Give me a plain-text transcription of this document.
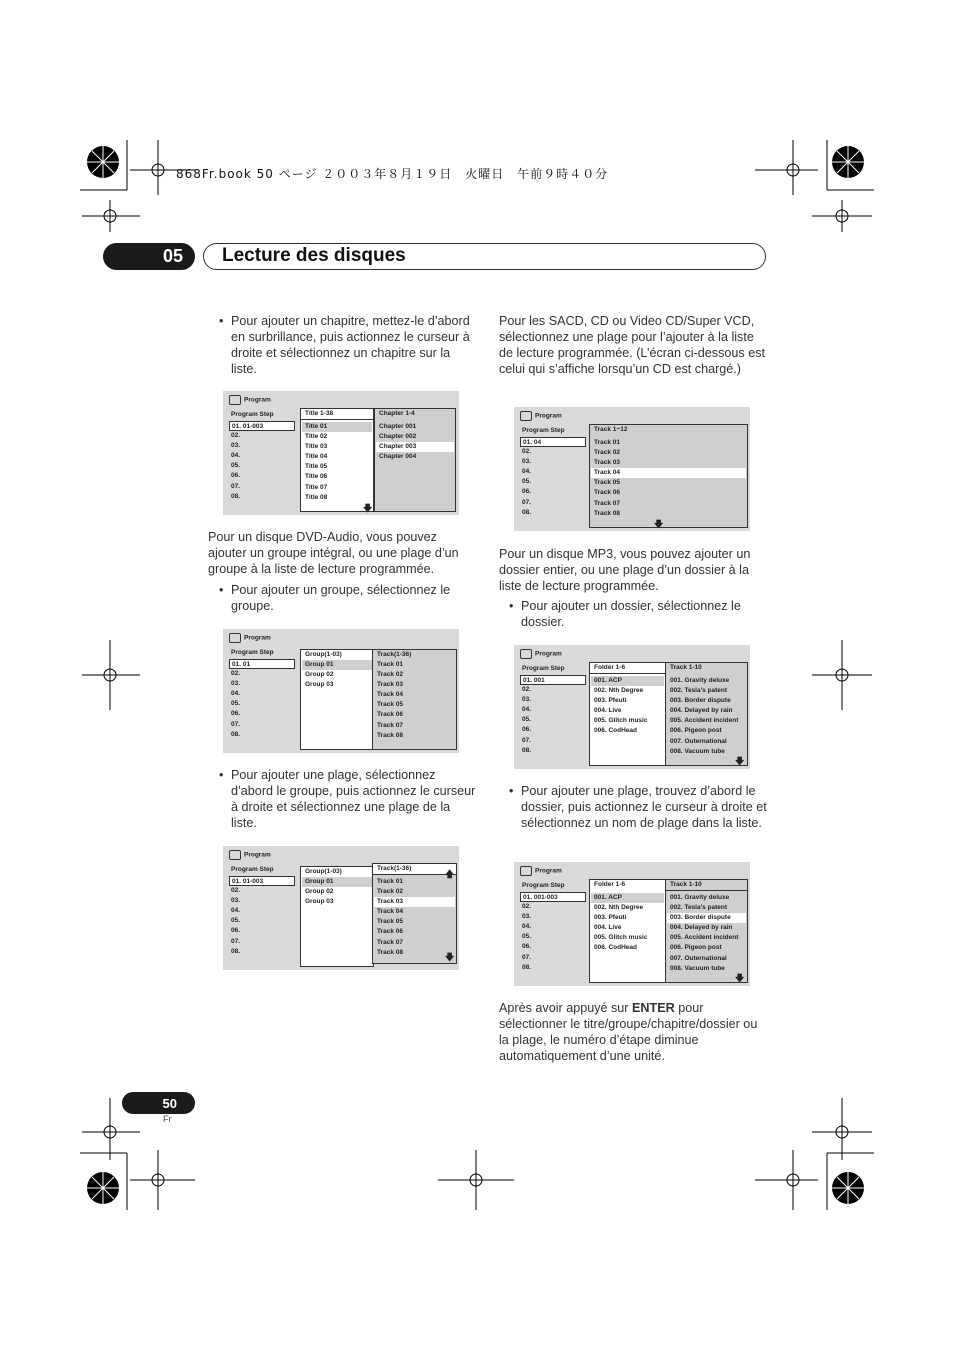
868Fr.book 50 ページ ２００３年８月１９日　火曜日　午前９時４０分
05	Lecture des disques
• Pour ajouter un chapitre, mettez-le d’abord en surbrillance, puis actionnez le curseur à droite et sélectionnez un chapitre sur la liste.
Program
Program Step
01. 01-003
02.
03.
04.
05.
06.
07.
08.
Title 1-38
Title 01
Title 02
Title 03
Title 04
Title 05
Title 06
Title 07
Title 08
Chapter 1-4
Chapter 001
Chapter 002
Chapter 003
Chapter 004
🡇
Pour un disque DVD-Audio, vous pouvez ajouter un groupe intégral, ou une plage d’un groupe à la liste de lecture programmée.
• Pour ajouter un groupe, sélectionnez le groupe.
Program
Program Step
01. 01
02.
03.
04.
05.
06.
07.
08.
Group(1-03)
Group 01
Group 02
Group 03
Track(1-36)
Track 01
Track 02
Track 03
Track 04
Track 05
Track 06
Track 07
Track 08
• Pour ajouter une plage, sélectionnez d’abord le groupe, puis actionnez le curseur à droite et sélectionnez une plage de la liste.
Program
Program Step
01. 01-003
02.
03.
04.
05.
06.
07.
08.
Group(1-03)
Group 01
Group 02
Group 03
Track(1-36)
Track 01
Track 02
Track 03
Track 04
Track 05
Track 06
Track 07
Track 08
🡅
🡇
Pour les SACD, CD ou Video CD/Super VCD, sélectionnez une plage pour l’ajouter à la liste de lecture programmée. (L’écran ci-dessous est celui qui s’affiche lorsqu’un CD est chargé.)
Program
Program Step
01. 04
02.
03.
04.
05.
06.
07.
08.
Track 1~12
Track 01
Track 02
Track 03
Track 04
Track 05
Track 06
Track 07
Track 08
🡇
Pour un disque MP3, vous pouvez ajouter un dossier entier, ou une plage d’un dossier à la liste de lecture programmée.
• Pour ajouter un dossier, sélectionnez le dossier.
Program
Program Step
01. 001
02.
03.
04.
05.
06.
07.
08.
Folder 1-6
001. ACP
002. Nth Degree
003. Pfeuti
004. Live
005. Glitch music
006. CodHead
Track 1-10
001. Gravity deluxe
002. Tesla's patent
003. Border dispute
004. Delayed by rain
005. Accident incident
006. Pigeon post
007. Outernational
008. Vacuum tube
🡇
• Pour ajouter une plage, trouvez d’abord le dossier, puis actionnez le curseur à droite et sélectionnez un nom de plage dans la liste.
Program
Program Step
01. 001-003
02.
03.
04.
05.
06.
07.
08.
Folder 1-6
001. ACP
002. Nth Degree
003. Pfeuti
004. Live
005. Glitch music
006. CodHead
Track 1-10
001. Gravity deluxe
002. Tesla's patent
003. Border dispute
004. Delayed by rain
005. Accident incident
006. Pigeon post
007. Outernational
008. Vacuum tube
🡇
Après avoir appuyé sur ENTER pour sélectionner le titre/groupe/chapitre/dossier ou la plage, le numéro d’étape diminue automatiquement d’une unité.
50
Fr
